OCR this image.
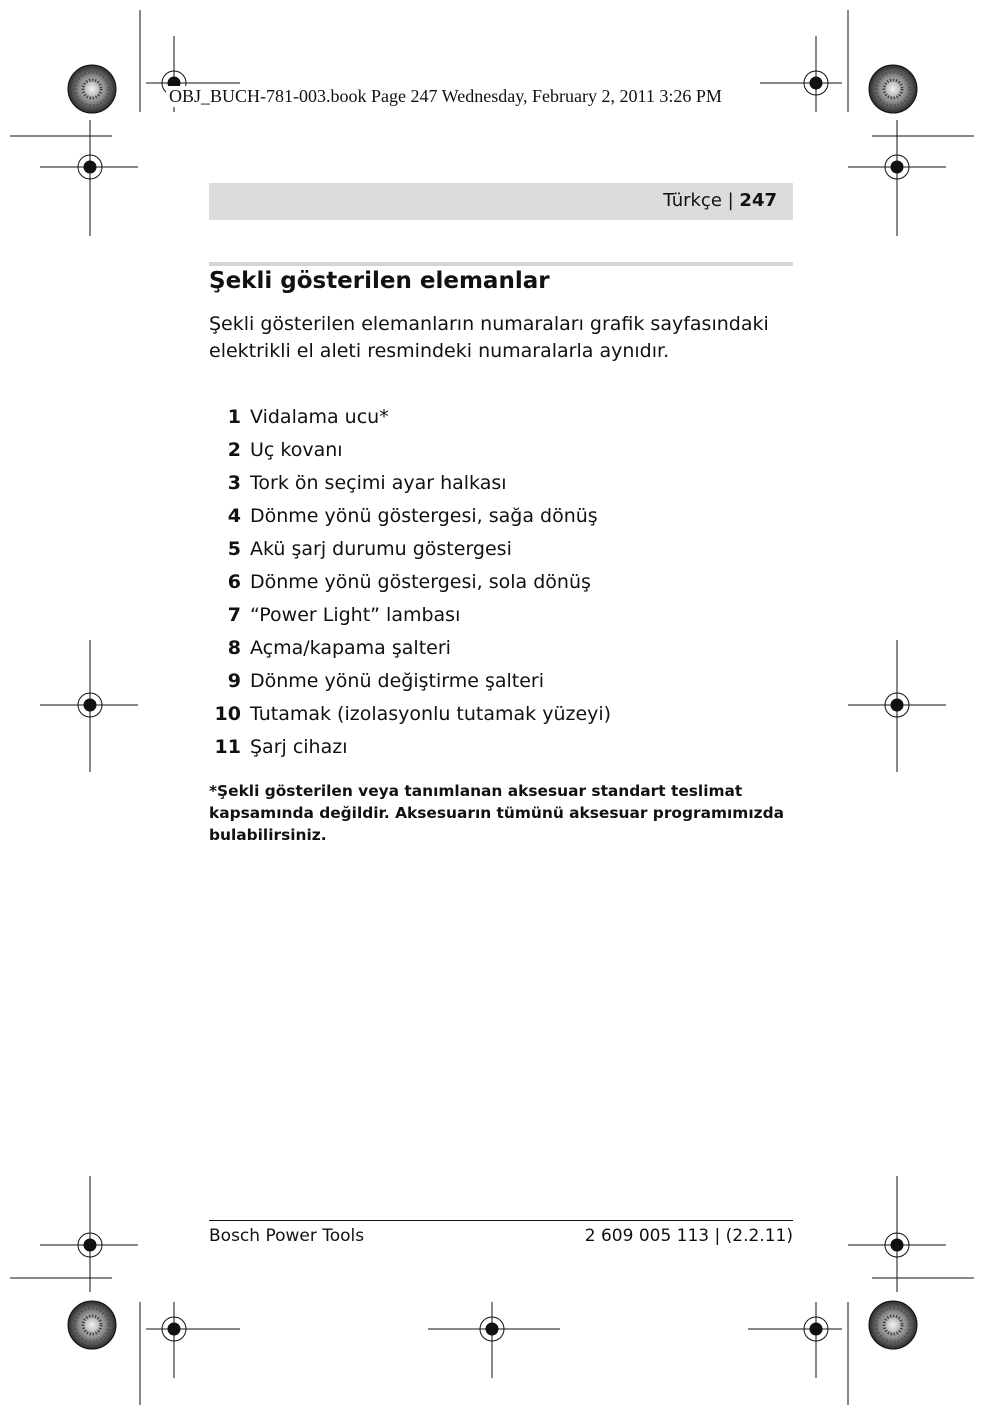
OBJ_BUCH-781-003.book Page 247 Wednesday, February 2, 2011 3:26 PM
Türkçe | 247
Şekli gösterilen elemanlar
Şekli gösterilen elemanların numaraları grafik sayfasındaki elektrikli el aleti resmindeki numaralarla aynıdır.
1 Vidalama ucu*
2 Uç kovanı
3 Tork ön seçimi ayar halkası
4 Dönme yönü göstergesi, sağa dönüş
5 Akü şarj durumu göstergesi
6 Dönme yönü göstergesi, sola dönüş
7 “Power Light” lambası
8 Açma/kapama şalteri
9 Dönme yönü değiştirme şalteri
10 Tutamak (izolasyonlu tutamak yüzeyi)
11 Şarj cihazı
*Şekli gösterilen veya tanımlanan aksesuar standart teslimat kapsamında değildir. Aksesuarın tümünü aksesuar programımızda bulabilirsiniz.
Bosch Power Tools	2 609 005 113 | (2.2.11)
